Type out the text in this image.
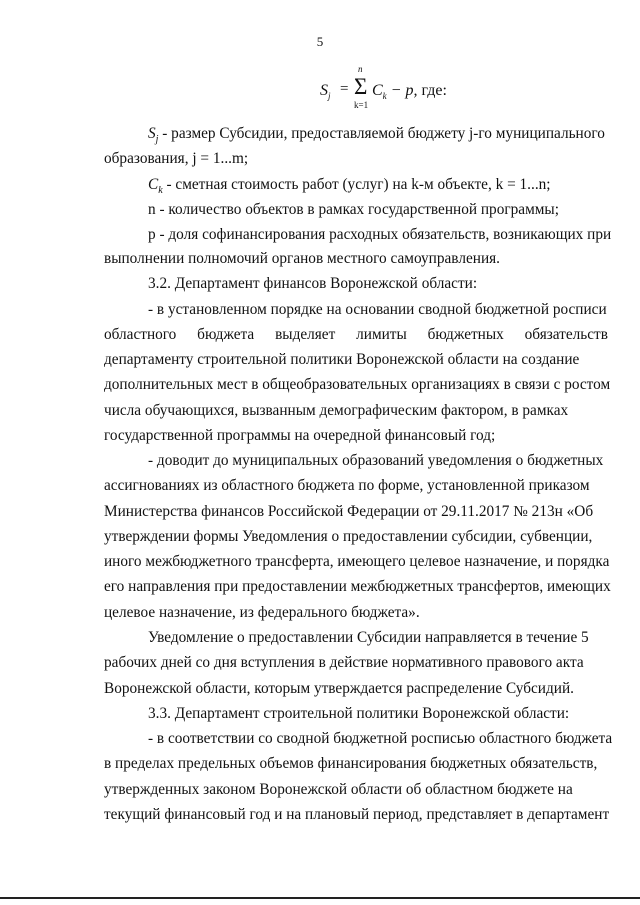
5
$S_j$ =
n
Σ
k=1
$C_k - p$, где:
$S_j$ - размер Субсидии, предоставляемой бюджету j-го муниципального
образования, j = 1...m;
$C_k$ - сметная стоимость работ (услуг) на k-м объекте, k = 1...n;
n - количество объектов в рамках государственной программы;
p - доля софинансирования расходных обязательств, возникающих при
выполнении полномочий органов местного самоуправления.
3.2. Департамент финансов Воронежской области:
- в установленном порядке на основании сводной бюджетной росписи
областного бюджета выделяет лимиты бюджетных обязательств
департаменту строительной политики Воронежской области на создание
дополнительных мест в общеобразовательных организациях в связи с ростом
числа обучающихся, вызванным демографическим фактором, в рамках
государственной программы на очередной финансовый год;
- доводит до муниципальных образований уведомления о бюджетных
ассигнованиях из областного бюджета по форме, установленной приказом
Министерства финансов Российской Федерации от 29.11.2017 № 213н «Об
утверждении формы Уведомления о предоставлении субсидии, субвенции,
иного межбюджетного трансферта, имеющего целевое назначение, и порядка
его направления при предоставлении межбюджетных трансфертов, имеющих
целевое назначение, из федерального бюджета».
Уведомление о предоставлении Субсидии направляется в течение 5
рабочих дней со дня вступления в действие нормативного правового акта
Воронежской области, которым утверждается распределение Субсидий.
3.3. Департамент строительной политики Воронежской области:
- в соответствии со сводной бюджетной росписью областного бюджета
в пределах предельных объемов финансирования бюджетных обязательств,
утвержденных законом Воронежской области об областном бюджете на
текущий финансовый год и на плановый период, представляет в департамент
